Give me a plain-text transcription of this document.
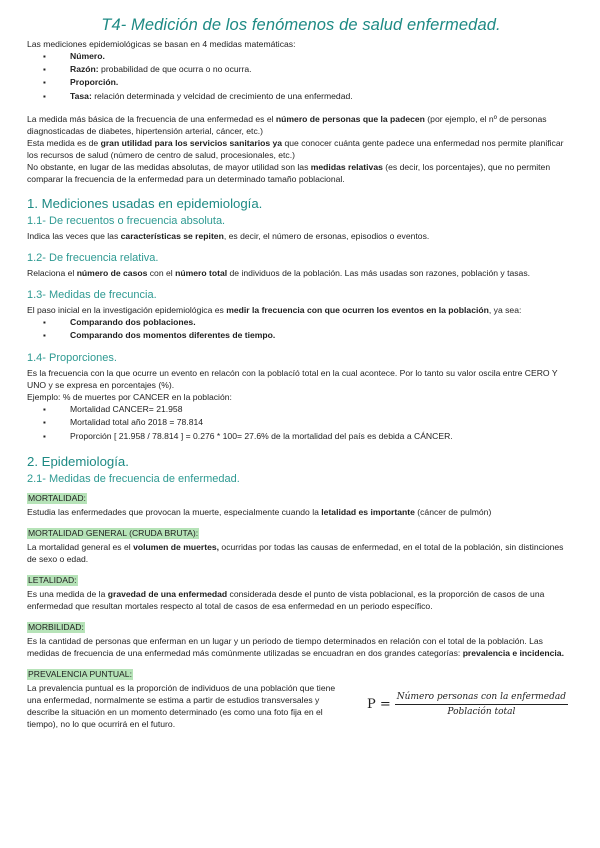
T4- Medición de los fenómenos de salud enfermedad.

Las mediciones epidemiológicas se basan en 4 medidas matemáticas:

▪ Número.
▪ Razón: probabilidad de que ocurra o no ocurra.
▪ Proporción.
▪ Tasa: relación determinada y velcidad de crecimiento de una enfermedad.

La medida más básica de la frecuencia de una enfermedad es el número de personas que la padecen (por ejemplo, el nº de personas diagnosticadas de diabetes, hipertensión arterial, cáncer, etc.)

Esta medida es de gran utilidad para los servicios sanitarios ya que conocer cuánta gente padece una enfermedad nos permite planificar los recursos de salud (número de centro de salud, procesionales, etc.)

No obstante, en lugar de las medidas absolutas, de mayor utilidad son las medidas relativas (es decir, los porcentajes), que no permiten comparar la frecuencia de la enfermedad para un determinado tamaño poblacional.

1. Mediciones usadas en epidemiología.
1.1- De recuentos o frecuencia absoluta.

Indica las veces que las características se repiten, es decir, el número de ersonas, episodios o eventos.

1.2- De frecuencia relativa.

Relaciona el número de casos con el número total de individuos de la población. Las más usadas son razones, población y tasas.

1.3- Medidas de frecuncia.

El paso inicial en la investigación epidemiológica es medir la frecuencia con que ocurren los eventos en la población, ya sea:

▪ Comparando dos poblaciones.
▪ Comparando dos momentos diferentes de tiempo.
1.4- Proporciones.

Es la frecuencia con la que ocurre un evento en relacón con la poblacíó total en la cual acontece. Por lo tanto su valor oscila entre CERO Y UNO y se expresa en porcentajes (%).

Ejemplo: % de muertes por CANCER en la población:

▪ Mortalidad CANCER= 21.958
▪ Mortalidad total año 2018 = 78.814
▪ Proporción [ 21.958 / 78.814 ] = 0.276 * 100= 27.6% de la mortalidad del país es debida a CÁNCER.
2. Epidemiología.
2.1- Medidas de frecuencia de enfermedad.
MORTALIDAD:

Estudia las enfermedades que provocan la muerte, especialmente cuando la letalidad es importante (cáncer de pulmón)

MORTALIDAD GENERAL (CRUDA BRUTA):

La mortalidad general es el volumen de muertes, ocurridas por todas las causas de enfermedad, en el total de la población, sin distinciones de sexo o edad.

LETALIDAD:

Es una medida de la gravedad de una enfermedad considerada desde el punto de vista poblacional, es la proporción de casos de una enfermedad que resultan mortales respecto al total de casos de esa enfermedad en un periodo específico.

MORBILIDAD:

Es la cantidad de personas que enferman en un lugar y un periodo de tiempo determinados en relación con el total de la población. Las medidas de frecuencia de una enfermedad más comúnmente utilizadas se encuadran en dos grandes categorías: prevalencia e incidencia.

PREVALENCIA PUNTUAL:

La prevalencia puntual es la proporción de individuos de una población que tiene una enfermedad, normalmente se estima a partir de estudios transversales y describe la situación en un momento determinado (es como una foto fija en el tiempo), no lo que ocurrirá en el futuro.

$P = \frac{\text{Número personas con la enfermedad}}{\text{Población total}}$
